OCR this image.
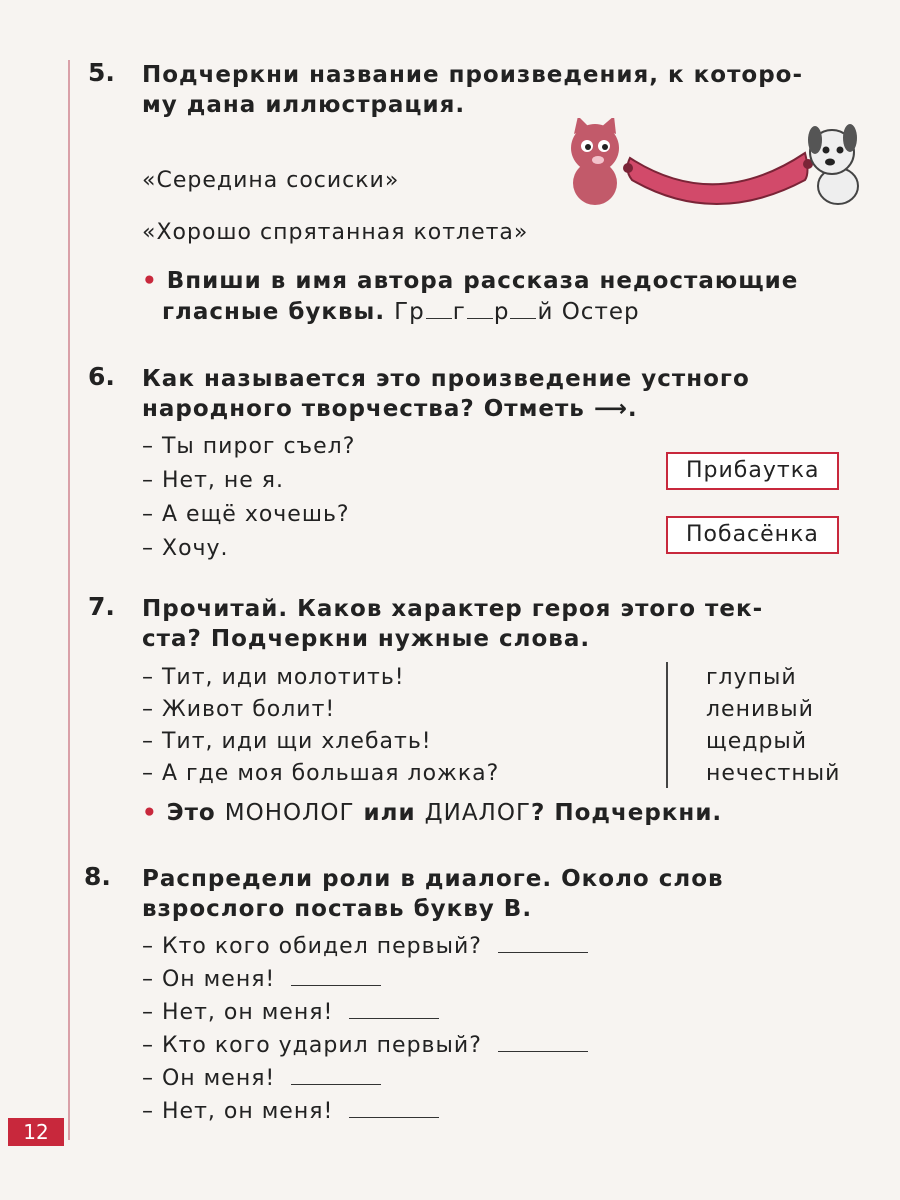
5. Подчеркни название произведения, к которо-
му дана иллюстрация.
«Середина сосиски»
«Хорошо спрятанная котлета»
• Впиши в имя автора рассказа недостающие
гласные буквы. Гр г р й Остер
6. Как называется это произведение устного
народного творчества? Отметь ⟶.
– Ты пирог съел?
– Нет, не я.
– А ещё хочешь?
– Хочу.
Прибаутка
Побасёнка
7. Прочитай. Каков характер героя этого тек-
ста? Подчеркни нужные слова.
– Тит, иди молотить!
– Живот болит!
– Тит, иди щи хлебать!
– А где моя большая ложка?
глупый
ленивый
щедрый
нечестный
• Это МОНОЛОГ или ДИАЛОГ? Подчеркни.
8. Распредели роли в диалоге. Около слов
взрослого поставь букву В.
– Кто кого обидел первый?
– Он меня!
– Нет, он меня!
– Кто кого ударил первый?
– Он меня!
– Нет, он меня!
12
